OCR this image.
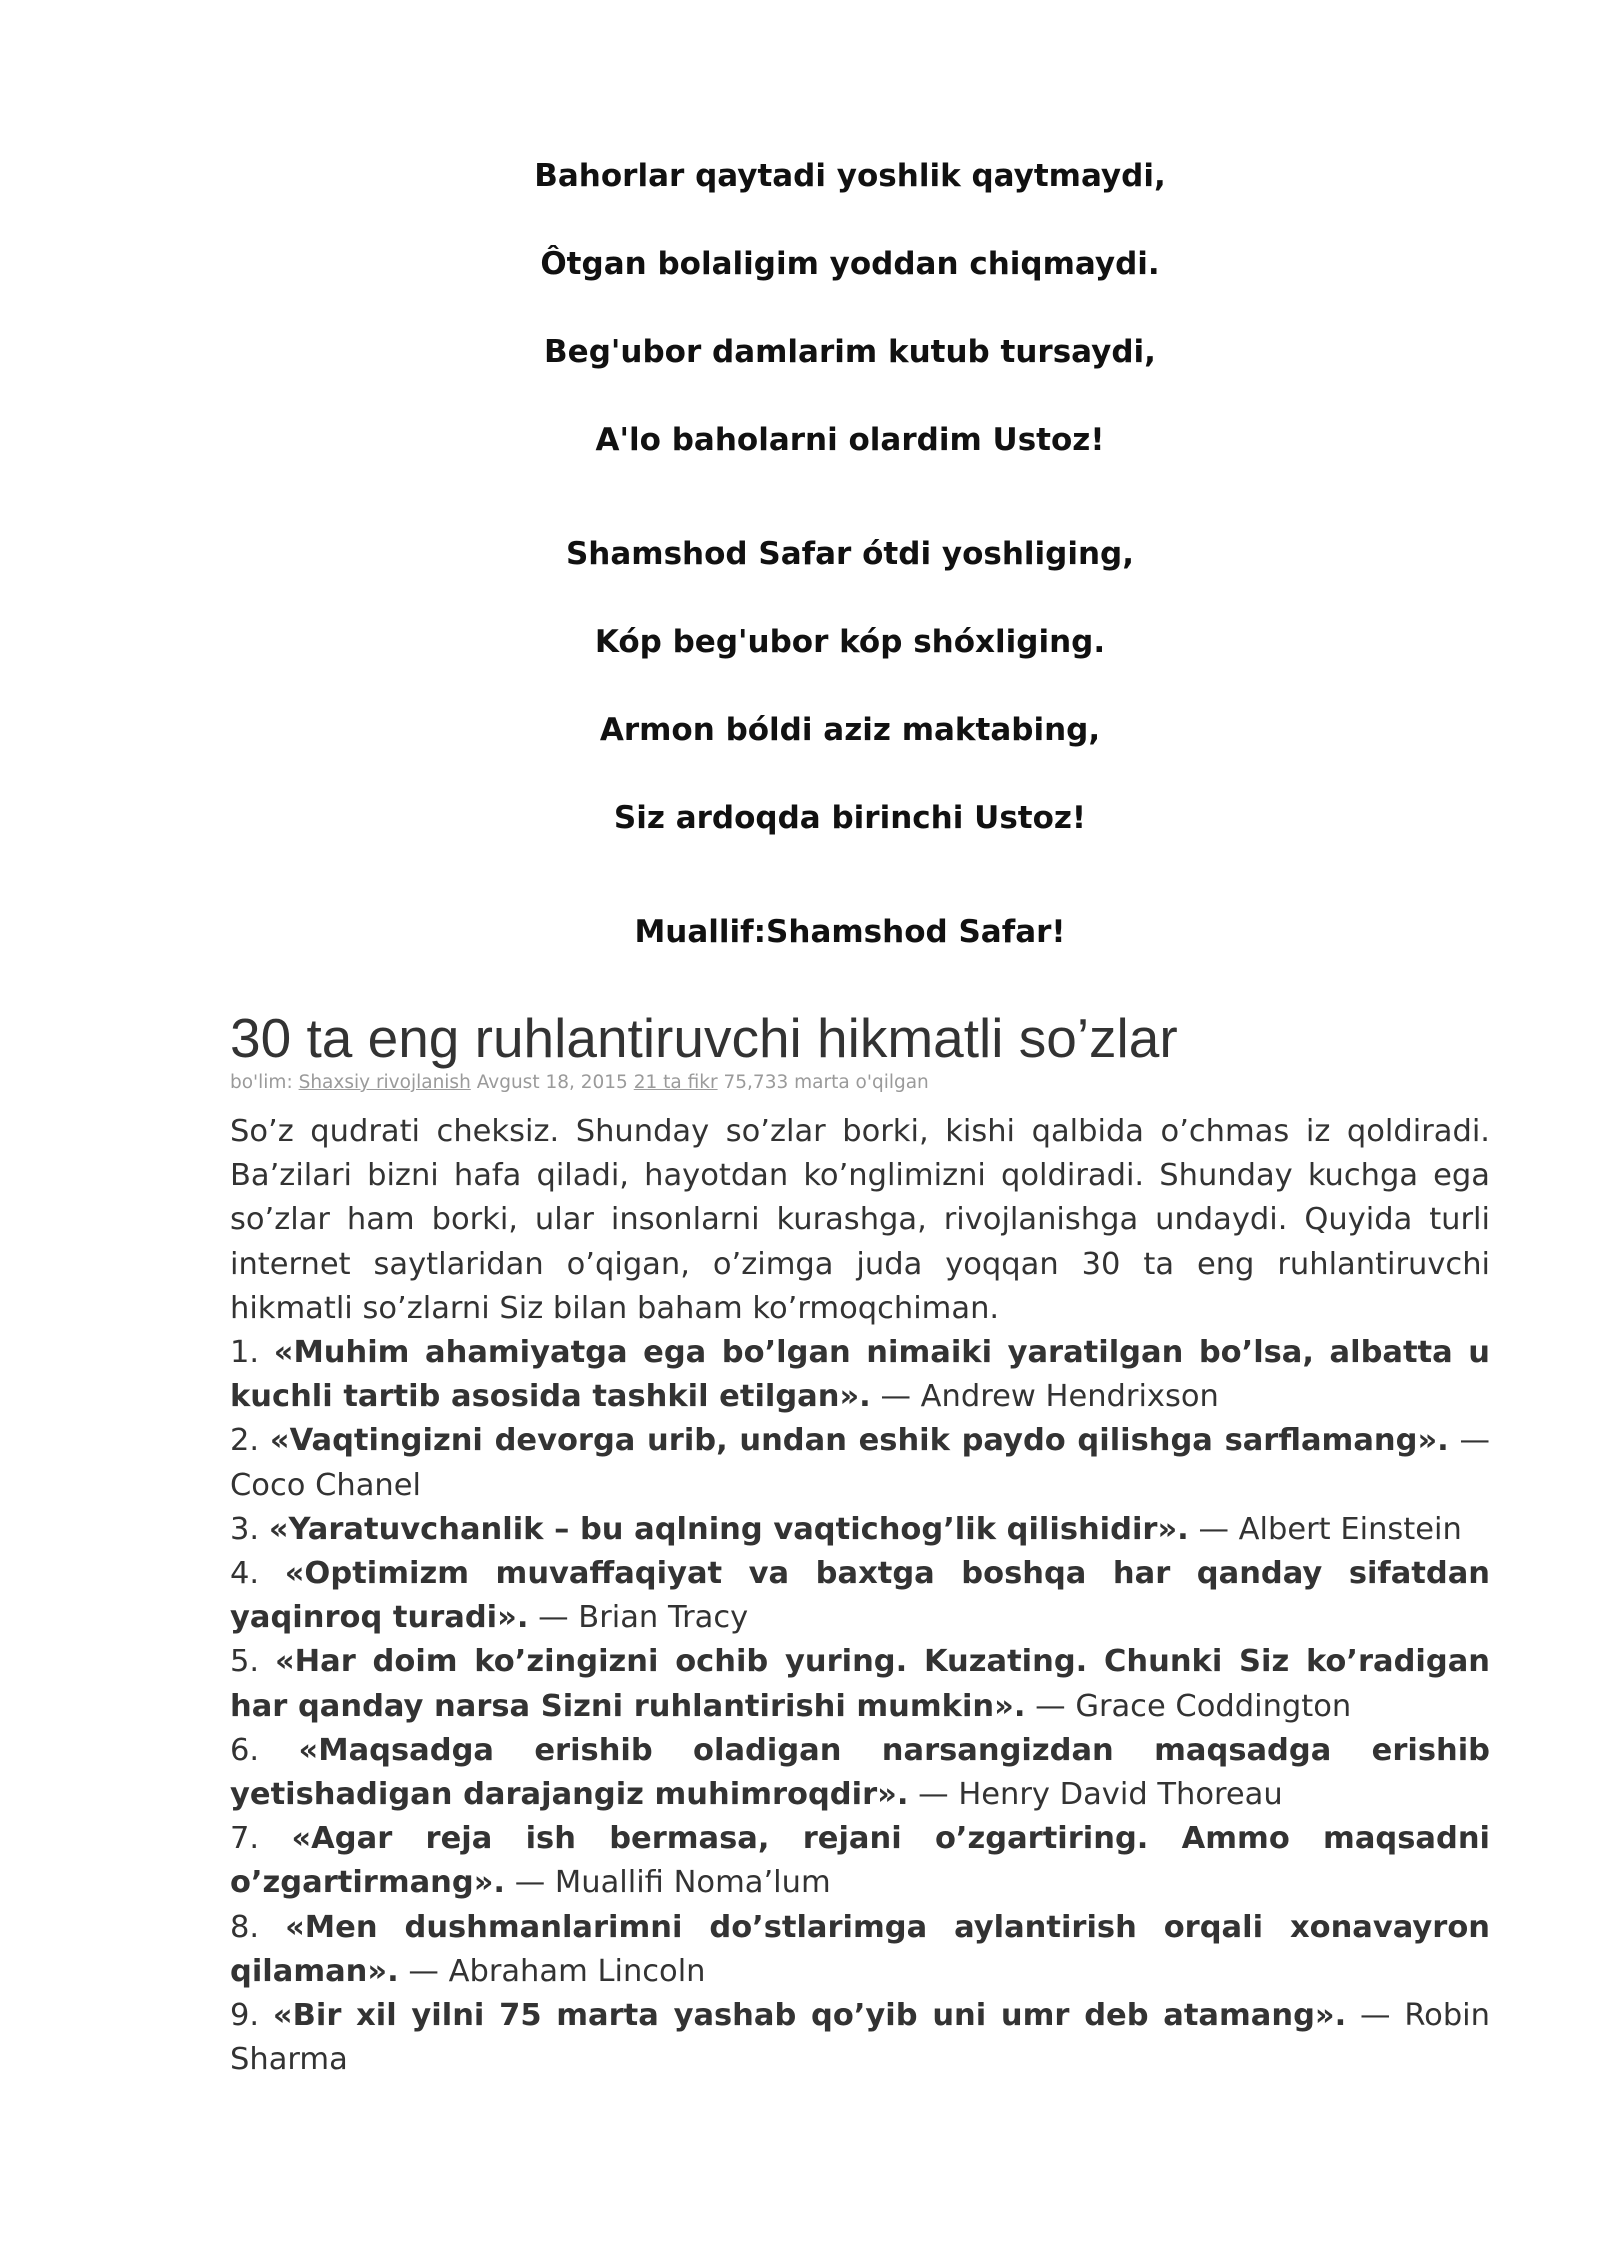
Bahorlar qaytadi yoshlik qaytmaydi,
Ôtgan bolaligim yoddan chiqmaydi.
Beg'ubor damlarim kutub tursaydi,
A'lo baholarni olardim Ustoz!
Shamshod Safar ótdi yoshliging,
Kóp beg'ubor kóp shóxliging.
Armon bóldi aziz maktabing,
Siz ardoqda birinchi Ustoz!
Muallif:Shamshod Safar!
30 ta eng ruhlantiruvchi hikmatli so’zlar
bo'lim: Shaxsiy rivojlanish Avgust 18, 2015 21 ta fikr 75,733 marta o'qilgan
So’z qudrati cheksiz. Shunday so’zlar borki, kishi qalbida o’chmas iz qoldiradi. Ba’zilari bizni hafa qiladi, hayotdan ko’nglimizni qoldiradi. Shunday kuchga ega so’zlar ham borki, ular insonlarni kurashga, rivojlanishga undaydi. Quyida turli internet saytlaridan o’qigan, o’zimga juda yoqqan 30 ta eng ruhlantiruvchi hikmatli so’zlarni Siz bilan baham ko’rmoqchiman.
1. «Muhim ahamiyatga ega bo’lgan nimaiki yaratilgan bo’lsa, albatta u kuchli tartib asosida tashkil etilgan». — Andrew Hendrixson
2. «Vaqtingizni devorga urib, undan eshik paydo qilishga sarflamang». — Coco Chanel
3. «Yaratuvchanlik – bu aqlning vaqtichog’lik qilishidir». — Albert Einstein
4. «Optimizm muvaffaqiyat va baxtga boshqa har qanday sifatdan yaqinroq turadi». — Brian Tracy
5. «Har doim ko’zingizni ochib yuring. Kuzating. Chunki Siz ko’radigan har qanday narsa Sizni ruhlantirishi mumkin». — Grace Coddington
6. «Maqsadga erishib oladigan narsangizdan maqsadga erishib yetishadigan darajangiz muhimroqdir». — Henry David Thoreau
7. «Agar reja ish bermasa, rejani o’zgartiring. Ammo maqsadni o’zgartirmang». — Muallifi Noma’lum
8. «Men dushmanlarimni do’stlarimga aylantirish orqali xonavayron qilaman». — Abraham Lincoln
9. «Bir xil yilni 75 marta yashab qo’yib uni umr deb atamang». — Robin Sharma
